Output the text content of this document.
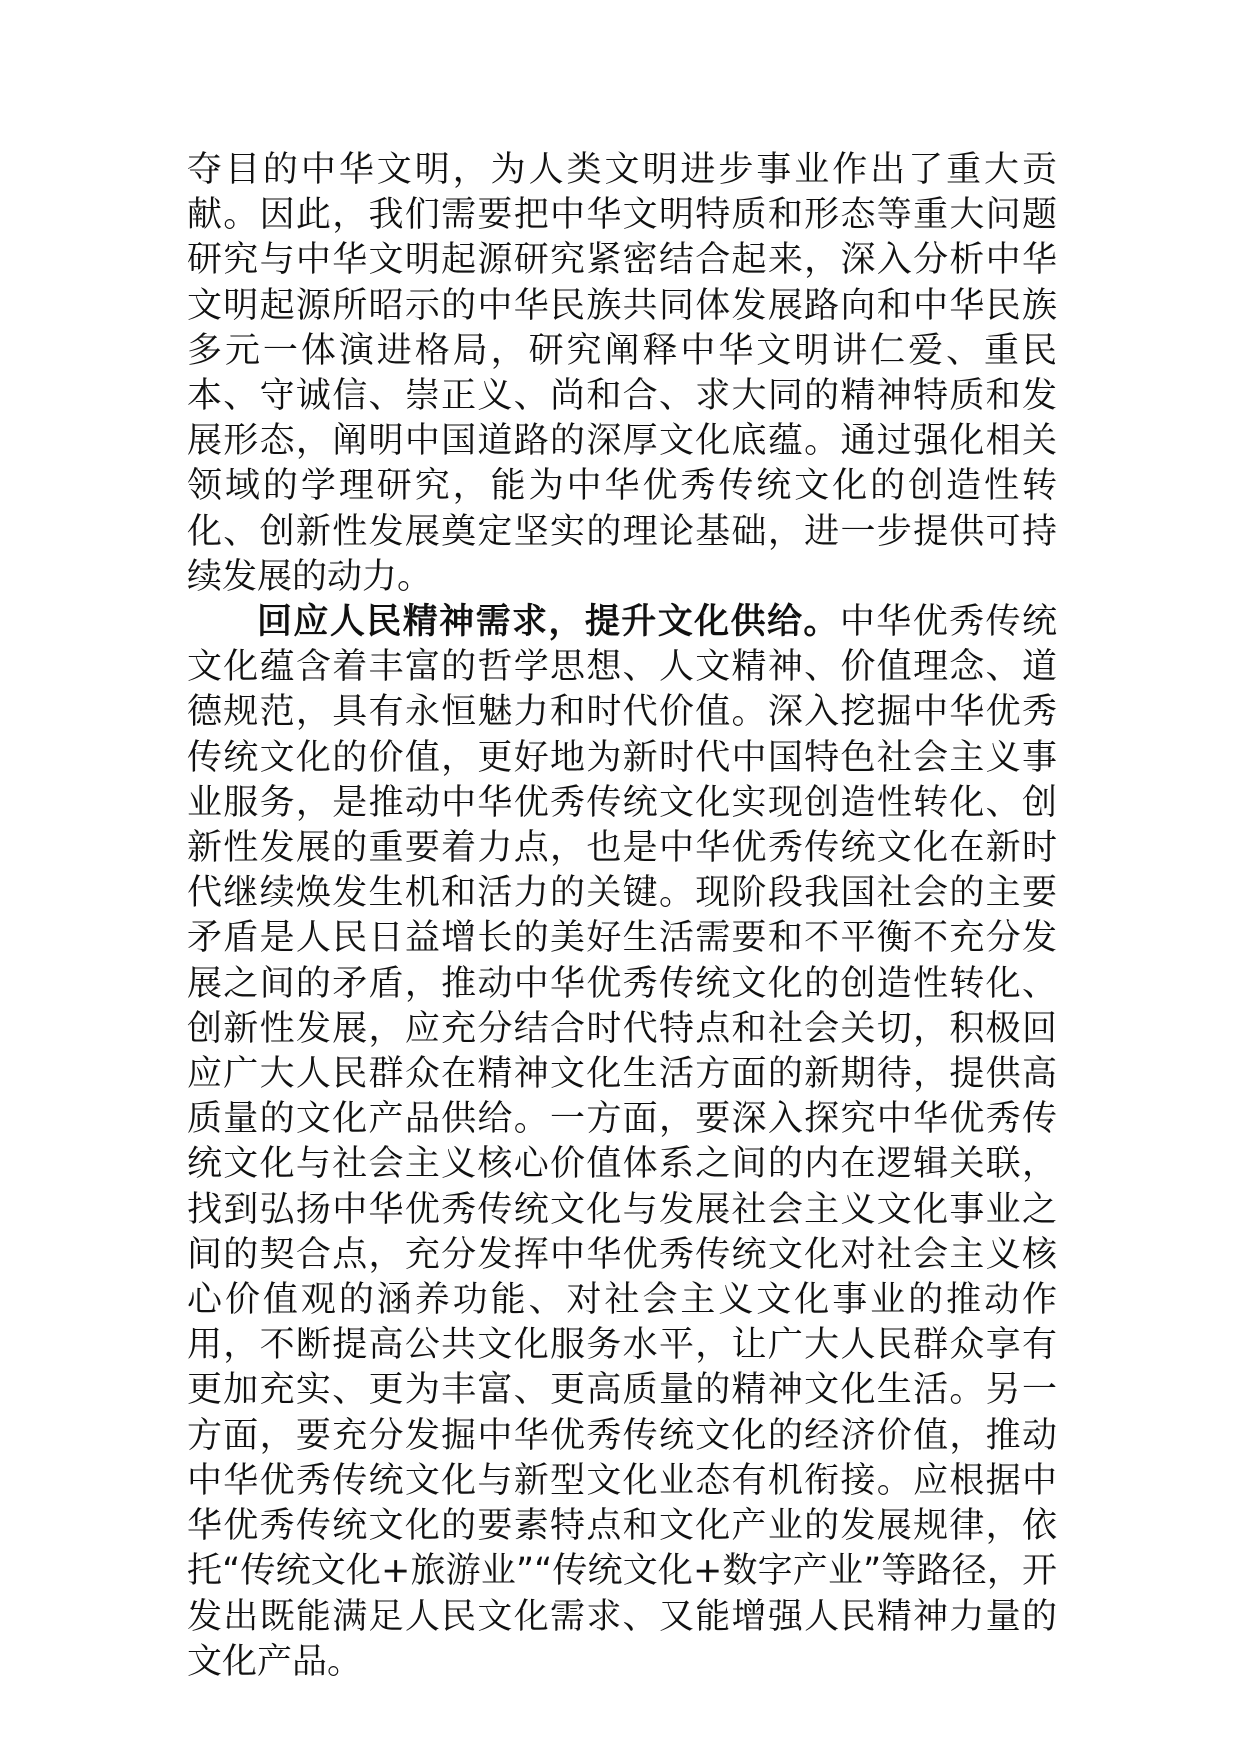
夺目的中华文明，为人类文明进步事业作出了重大贡献。因此，我们需要把中华文明特质和形态等重大问题研究与中华文明起源研究紧密结合起来，深入分析中华文明起源所昭示的中华民族共同体发展路向和中华民族多元一体演进格局，研究阐释中华文明讲仁爱、重民本、守诚信、崇正义、尚和合、求大同的精神特质和发展形态，阐明中国道路的深厚文化底蕴。通过强化相关领域的学理研究，能为中华优秀传统文化的创造性转化、创新性发展奠定坚实的理论基础，进一步提供可持续发展的动力。

回应人民精神需求，提升文化供给。中华优秀传统文化蕴含着丰富的哲学思想、人文精神、价值理念、道德规范，具有永恒魅力和时代价值。深入挖掘中华优秀传统文化的价值，更好地为新时代中国特色社会主义事业服务，是推动中华优秀传统文化实现创造性转化、创新性发展的重要着力点，也是中华优秀传统文化在新时代继续焕发生机和活力的关键。现阶段我国社会的主要矛盾是人民日益增长的美好生活需要和不平衡不充分发展之间的矛盾，推动中华优秀传统文化的创造性转化、创新性发展，应充分结合时代特点和社会关切，积极回应广大人民群众在精神文化生活方面的新期待，提供高质量的文化产品供给。一方面，要深入探究中华优秀传统文化与社会主义核心价值体系之间的内在逻辑关联，找到弘扬中华优秀传统文化与发展社会主义文化事业之间的契合点，充分发挥中华优秀传统文化对社会主义核心价值观的涵养功能、对社会主义文化事业的推动作用，不断提高公共文化服务水平，让广大人民群众享有更加充实、更为丰富、更高质量的精神文化生活。另一方面，要充分发掘中华优秀传统文化的经济价值，推动中华优秀传统文化与新型文化业态有机衔接。应根据中华优秀传统文化的要素特点和文化产业的发展规律，依托“传统文化+旅游业”“传统文化+数字产业”等路径，开发出既能满足人民文化需求、又能增强人民精神力量的文化产品。
